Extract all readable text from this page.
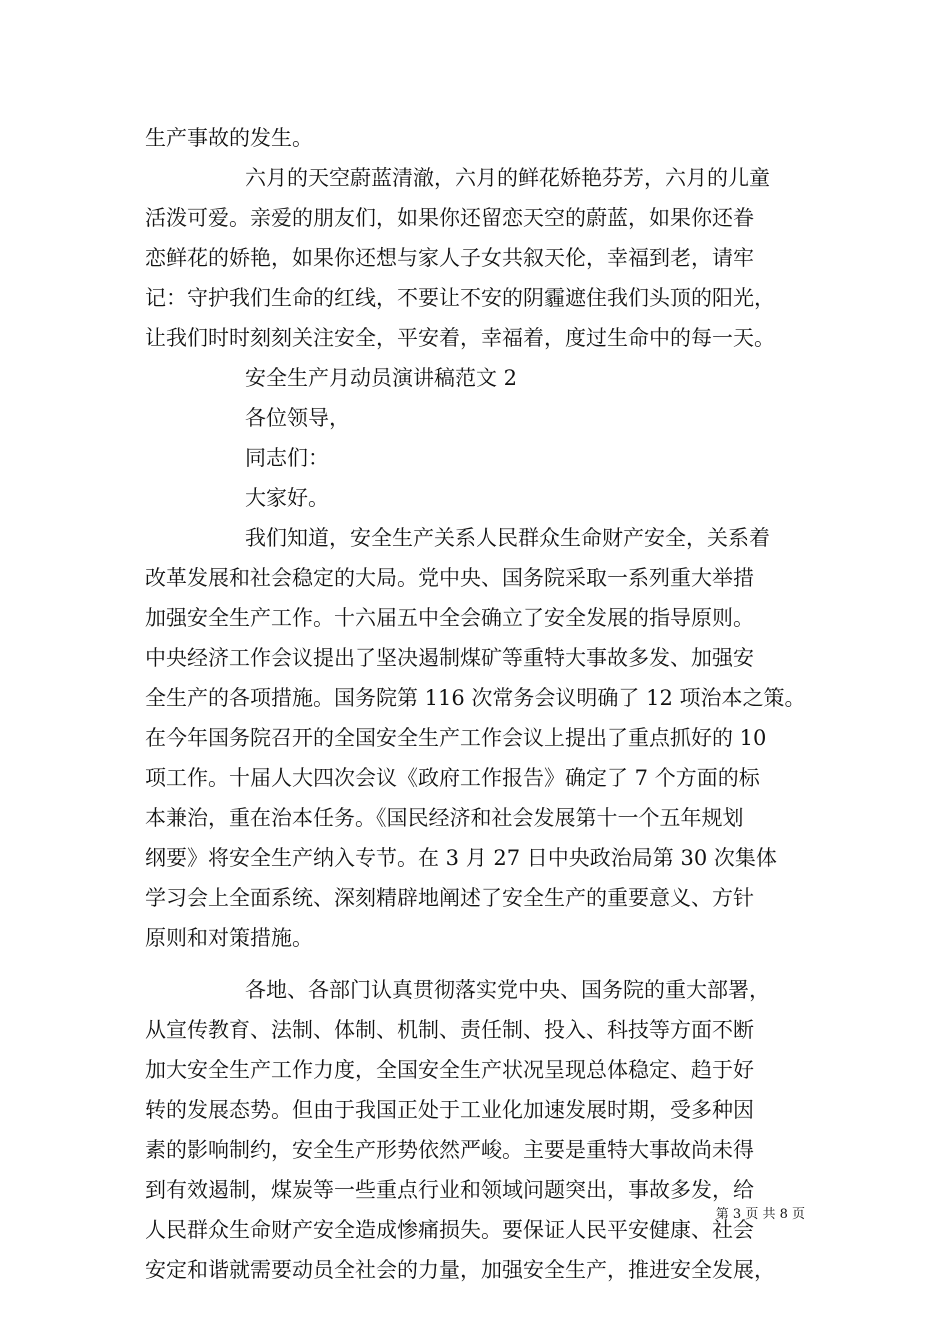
生产事故的发生。
六月的天空蔚蓝清澈，六月的鲜花娇艳芬芳，六月的儿童
活泼可爱。亲爱的朋友们，如果你还留恋天空的蔚蓝，如果你还眷
恋鲜花的娇艳，如果你还想与家人子女共叙天伦，幸福到老，请牢
记：守护我们生命的红线，不要让不安的阴霾遮住我们头顶的阳光，
让我们时时刻刻关注安全，平安着，幸福着，度过生命中的每一天。
安全生产月动员演讲稿范文 2
各位领导，
同志们：
大家好。
我们知道，安全生产关系人民群众生命财产安全，关系着
改革发展和社会稳定的大局。党中央、国务院采取一系列重大举措
加强安全生产工作。十六届五中全会确立了安全发展的指导原则。
中央经济工作会议提出了坚决遏制煤矿等重特大事故多发、加强安
全生产的各项措施。国务院第 116 次常务会议明确了 12 项治本之策。
在今年国务院召开的全国安全生产工作会议上提出了重点抓好的 10
项工作。十届人大四次会议《政府工作报告》确定了 7 个方面的标
本兼治，重在治本任务。《国民经济和社会发展第十一个五年规划
纲要》将安全生产纳入专节。在 3 月 27 日中央政治局第 30 次集体
学习会上全面系统、深刻精辟地阐述了安全生产的重要意义、方针
原则和对策措施。
各地、各部门认真贯彻落实党中央、国务院的重大部署，
从宣传教育、法制、体制、机制、责任制、投入、科技等方面不断
加大安全生产工作力度，全国安全生产状况呈现总体稳定、趋于好
转的发展态势。但由于我国正处于工业化加速发展时期，受多种因
素的影响制约，安全生产形势依然严峻。主要是重特大事故尚未得
到有效遏制，煤炭等一些重点行业和领域问题突出，事故多发，给
人民群众生命财产安全造成惨痛损失。要保证人民平安健康、社会
安定和谐就需要动员全社会的力量，加强安全生产，推进安全发展，
第 3 页 共 8 页
